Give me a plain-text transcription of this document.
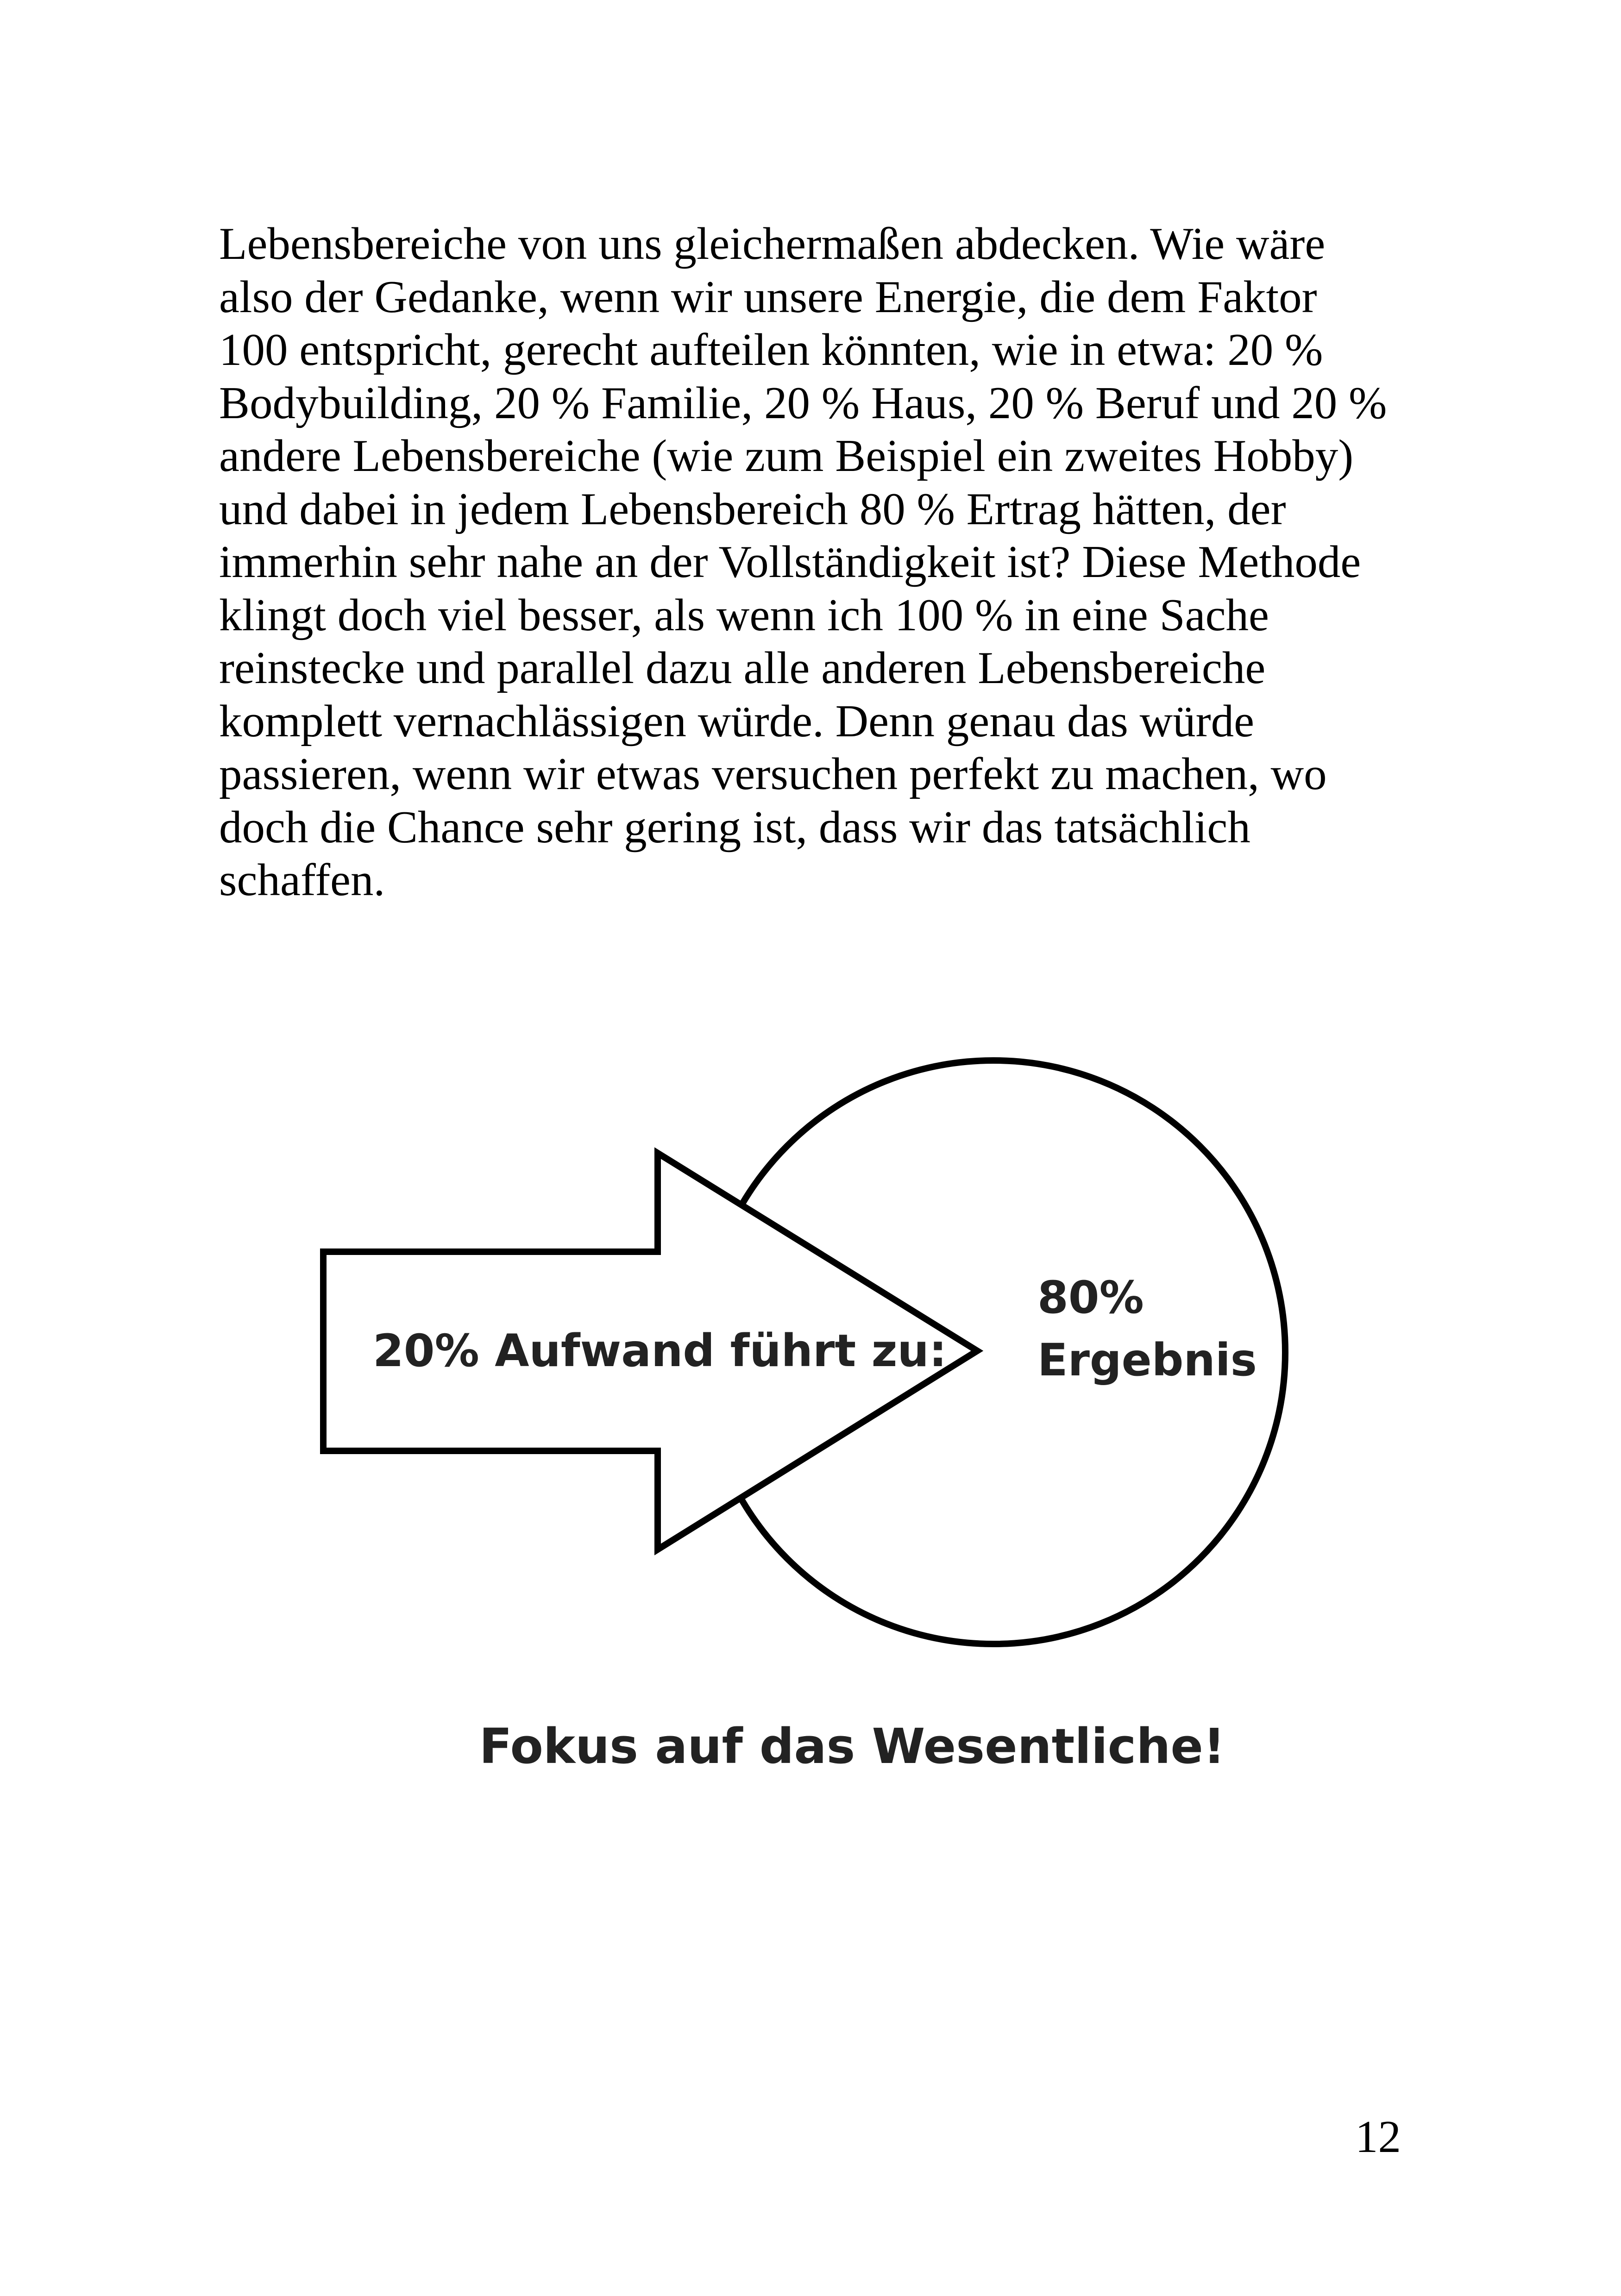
Lebensbereiche von uns gleichermaßen abdecken. Wie wäre
also der Gedanke, wenn wir unsere Energie, die dem Faktor
100 entspricht, gerecht aufteilen könnten, wie in etwa: 20 %
Bodybuilding, 20 % Familie, 20 % Haus, 20 % Beruf und 20 %
andere Lebensbereiche (wie zum Beispiel ein zweites Hobby)
und dabei in jedem Lebensbereich 80 % Ertrag hätten, der
immerhin sehr nahe an der Vollständigkeit ist? Diese Methode
klingt doch viel besser, als wenn ich 100 % in eine Sache
reinstecke und parallel dazu alle anderen Lebensbereiche
komplett vernachlässigen würde. Denn genau das würde
passieren, wenn wir etwas versuchen perfekt zu machen, wo
doch die Chance sehr gering ist, dass wir das tatsächlich
schaffen.
20% Aufwand führt zu:
80%
Ergebnis

Fokus auf das Wesentliche!

12
